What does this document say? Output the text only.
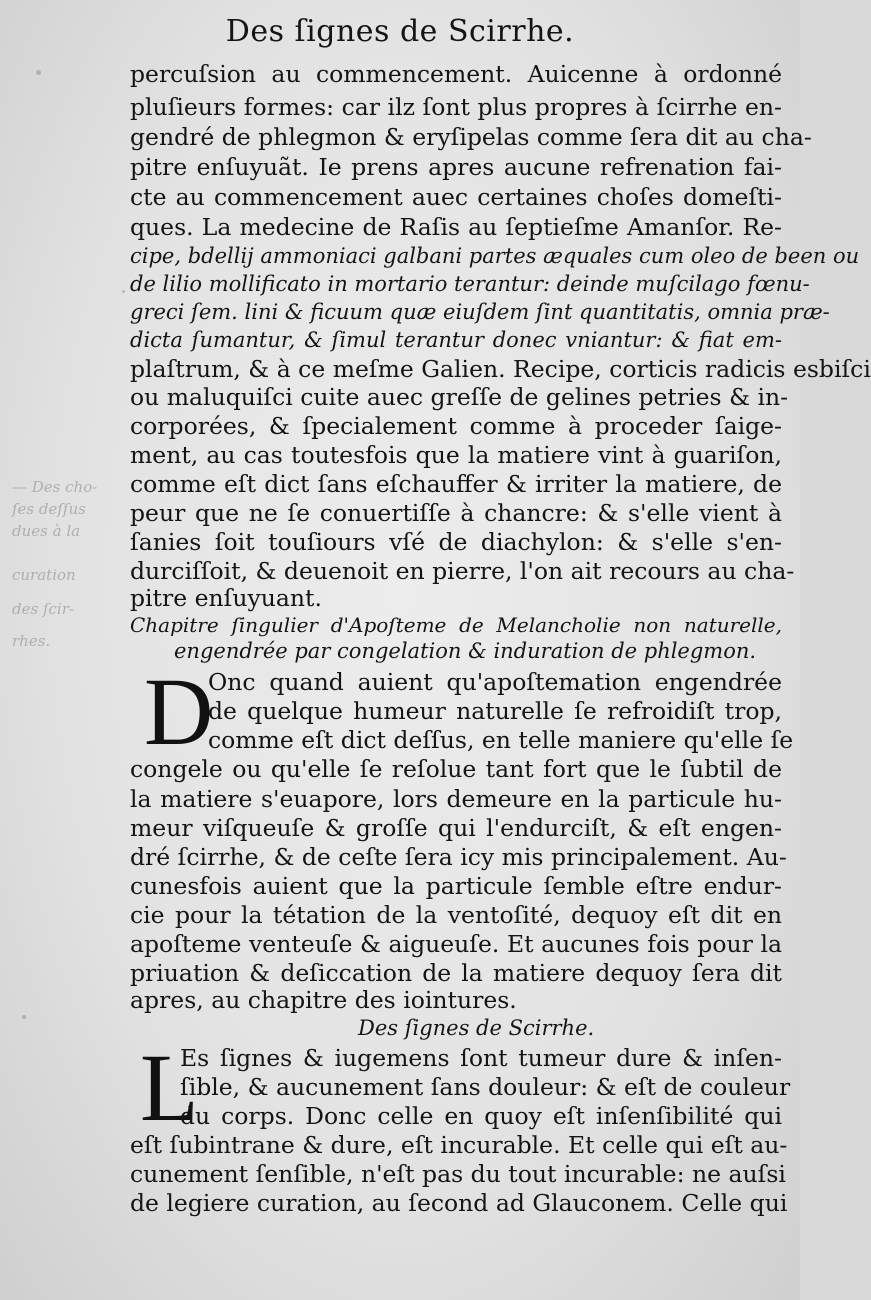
— Des cho-
ſes deſſus
dues à la
curation
des ſcir-
rhes.
Des ſignes de Scirrhe.
percuſsion au commencement. Auicenne à ordonné
pluſieurs formes: car ilz ſont plus propres à ſcirrhe en-
gendré de phlegmon & eryſipelas comme ſera dit au cha-
pitre enſuyuãt. Ie prens apres aucune refrenation fai-
cte au commencement auec certaines choſes domeſti-
ques. La medecine de Raſis au ſeptieſme Amanſor. Re-
cipe, bdellij ammoniaci galbani partes æquales cum oleo de been ou
de lilio mollificato in mortario terantur: deinde muſcilago fœnu-
greci ſem. lini & ficuum quæ eiuſdem ſint quantitatis, omnia præ-
dicta ſumantur, & ſimul terantur donec vniantur: & fiat em-
plaſtrum, & à ce meſme Galien. Recipe, corticis radicis esbiſci
ou maluquiſci cuite auec greſſe de gelines petries & in-
corporées, & ſpecialement comme à proceder ſaige-
ment, au cas toutesfois que la matiere vint à guariſon,
comme eſt dict ſans eſchauffer & irriter la matiere, de
peur que ne ſe conuertiſſe à chancre: & s'elle vient à
ſanies ſoit touſiours vſé de diachylon: & s'elle s'en-
durciſſoit, & deuenoit en pierre, l'on ait recours au cha-
pitre enſuyuant.
Chapitre ſingulier d'Apoſteme de Melancholie non naturelle,
engendrée par congelation & induration de phlegmon.
D
Onc quand auient qu'apoſtemation engendrée
de quelque humeur naturelle ſe refroidiſt trop,
comme eſt dict deſſus, en telle maniere qu'elle ſe
congele ou qu'elle ſe reſolue tant fort que le ſubtil de
la matiere s'euapore, lors demeure en la particule hu-
meur viſqueuſe & groſſe qui l'endurciſt, & eſt engen-
dré ſcirrhe, & de ceſte ſera icy mis principalement. Au-
cunesfois auient que la particule ſemble eſtre endur-
cie pour la tétation de la ventoſité, dequoy eſt dit en
apoſteme venteuſe & aigueuſe. Et aucunes fois pour la
priuation & deſiccation de la matiere dequoy ſera dit
apres, au chapitre des iointures.
Des ſignes de Scirrhe.
L
Es ſignes & iugemens ſont tumeur dure & inſen-
ſible, & aucunement ſans douleur: & eſt de couleur
du corps. Donc celle en quoy eſt inſenſibilité qui
eſt ſubintrane & dure, eſt incurable. Et celle qui eſt au-
cunement ſenſible, n'eſt pas du tout incurable: ne auſsi
de legiere curation, au ſecond ad Glauconem. Celle qui
